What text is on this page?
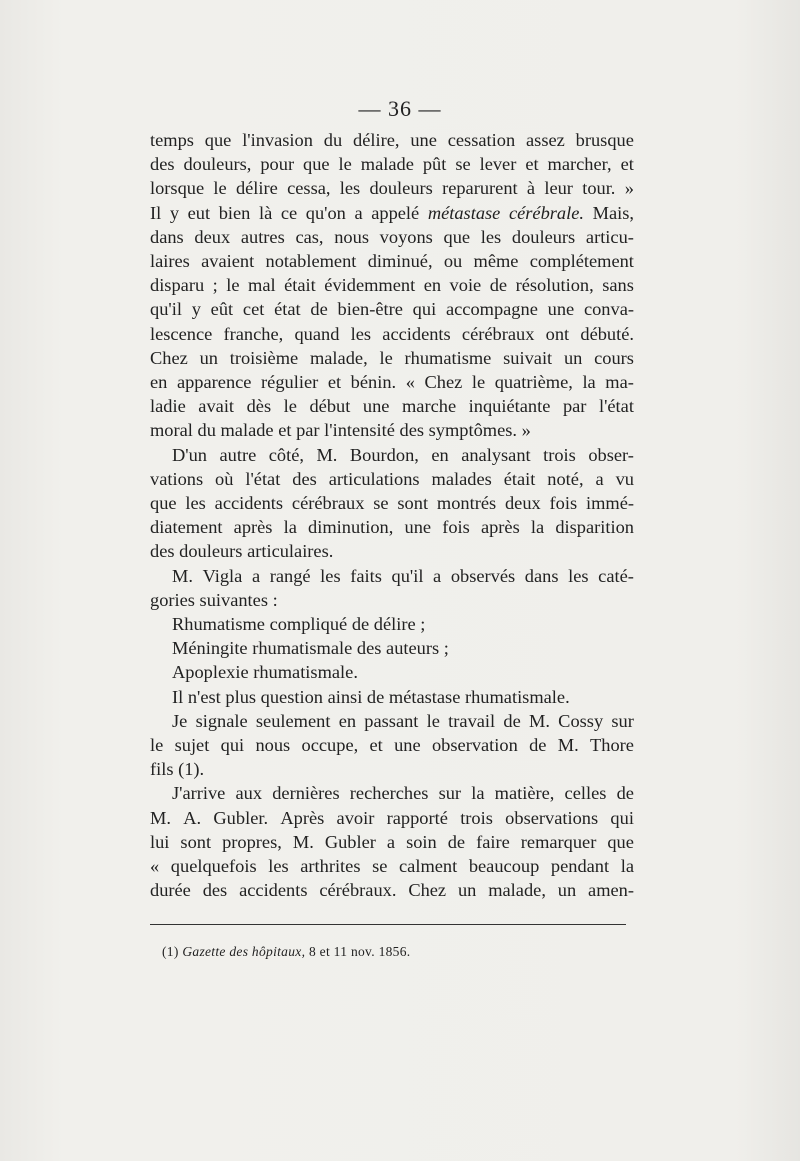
— 36 —
temps que l'invasion du délire, une cessation assez brusque
des douleurs, pour que le malade pût se lever et marcher, et
lorsque le délire cessa, les douleurs reparurent à leur tour. »
Il y eut bien là ce qu'on a appelé métastase cérébrale. Mais,
dans deux autres cas, nous voyons que les douleurs articu-
laires avaient notablement diminué, ou même complétement
disparu ; le mal était évidemment en voie de résolution, sans
qu'il y eût cet état de bien-être qui accompagne une conva-
lescence franche, quand les accidents cérébraux ont débuté.
Chez un troisième malade, le rhumatisme suivait un cours
en apparence régulier et bénin. « Chez le quatrième, la ma-
ladie avait dès le début une marche inquiétante par l'état
moral du malade et par l'intensité des symptômes. »
D'un autre côté, M. Bourdon, en analysant trois obser-
vations où l'état des articulations malades était noté, a vu
que les accidents cérébraux se sont montrés deux fois immé-
diatement après la diminution, une fois après la disparition
des douleurs articulaires.
M. Vigla a rangé les faits qu'il a observés dans les caté-
gories suivantes :
Rhumatisme compliqué de délire ;
Méningite rhumatismale des auteurs ;
Apoplexie rhumatismale.
Il n'est plus question ainsi de métastase rhumatismale.
Je signale seulement en passant le travail de M. Cossy sur
le sujet qui nous occupe, et une observation de M. Thore
fils (1).
J'arrive aux dernières recherches sur la matière, celles de
M. A. Gubler. Après avoir rapporté trois observations qui
lui sont propres, M. Gubler a soin de faire remarquer que
« quelquefois les arthrites se calment beaucoup pendant la
durée des accidents cérébraux. Chez un malade, un amen-
(1) Gazette des hôpitaux, 8 et 11 nov. 1856.
